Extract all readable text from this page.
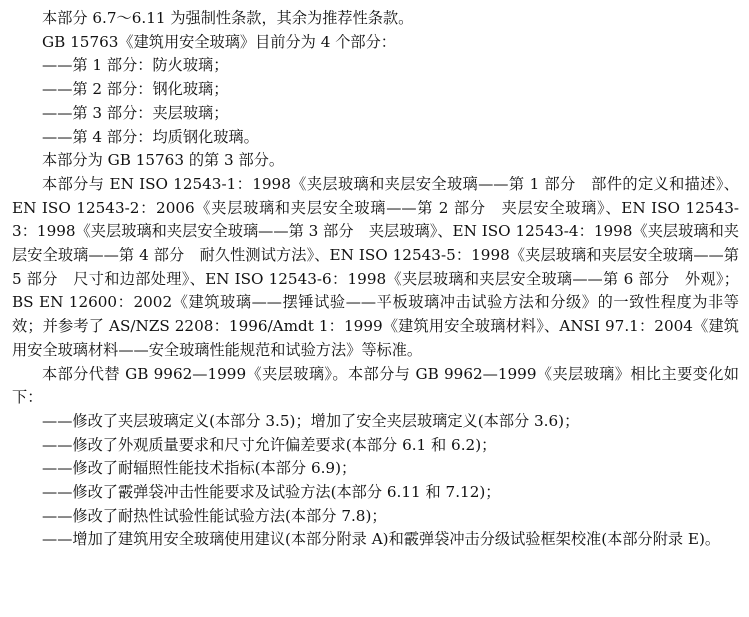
本部分 6.7～6.11 为强制性条款，其余为推荐性条款。

GB 15763《建筑用安全玻璃》目前分为 4 个部分：

——第 1 部分：防火玻璃；

——第 2 部分：钢化玻璃；

——第 3 部分：夹层玻璃；

——第 4 部分：均质钢化玻璃。

本部分为 GB 15763 的第 3 部分。

本部分与 EN ISO 12543-1：1998《夹层玻璃和夹层安全玻璃——第 1 部分　部件的定义和描述》、EN ISO 12543-2：2006《夹层玻璃和夹层安全玻璃——第 2 部分　夹层安全玻璃》、EN ISO 12543-3：1998《夹层玻璃和夹层安全玻璃——第 3 部分　夹层玻璃》、EN ISO 12543-4：1998《夹层玻璃和夹层安全玻璃——第 4 部分　耐久性测试方法》、EN ISO 12543-5：1998《夹层玻璃和夹层安全玻璃——第 5 部分　尺寸和边部处理》、EN ISO 12543-6：1998《夹层玻璃和夹层安全玻璃——第 6 部分　外观》；BS EN 12600：2002《建筑玻璃——摆锤试验——平板玻璃冲击试验方法和分级》的一致性程度为非等效；并参考了 AS/NZS 2208：1996/Amdt 1：1999《建筑用安全玻璃材料》、ANSI 97.1：2004《建筑用安全玻璃材料——安全玻璃性能规范和试验方法》等标准。

本部分代替 GB 9962—1999《夹层玻璃》。本部分与 GB 9962—1999《夹层玻璃》相比主要变化如下：

——修改了夹层玻璃定义(本部分 3.5)；增加了安全夹层玻璃定义(本部分 3.6)；

——修改了外观质量要求和尺寸允许偏差要求(本部分 6.1 和 6.2)；

——修改了耐辐照性能技术指标(本部分 6.9)；

——修改了霰弹袋冲击性能要求及试验方法(本部分 6.11 和 7.12)；

——修改了耐热性试验性能试验方法(本部分 7.8)；

——增加了建筑用安全玻璃使用建议(本部分附录 A)和霰弹袋冲击分级试验框架校准(本部分附录 E)。
